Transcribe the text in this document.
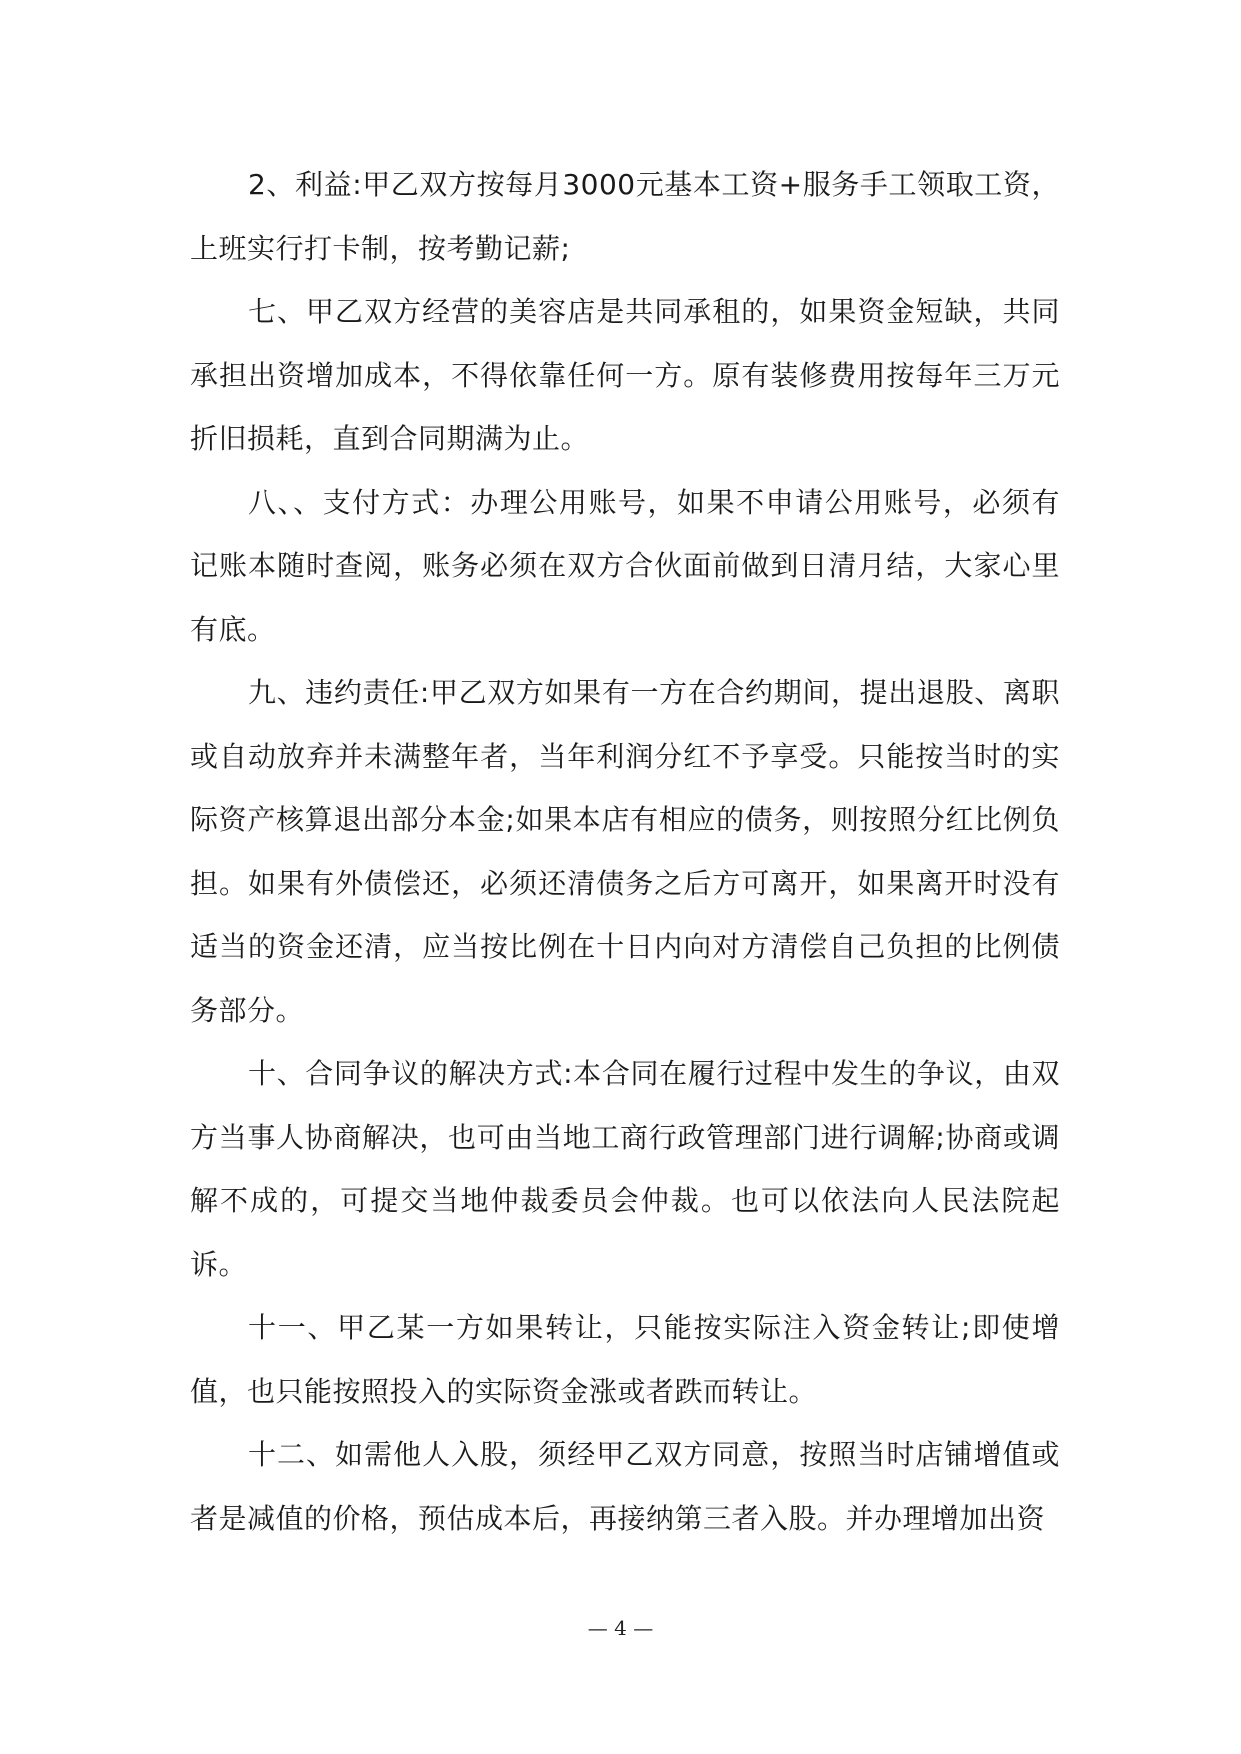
2、利益:甲乙双方按每月3000元基本工资+服务手工领取工资，上班实行打卡制，按考勤记薪;

七、甲乙双方经营的美容店是共同承租的，如果资金短缺，共同承担出资增加成本，不得依靠任何一方。原有装修费用按每年三万元折旧损耗，直到合同期满为止。

八、、支付方式：办理公用账号，如果不申请公用账号，必须有记账本随时查阅，账务必须在双方合伙面前做到日清月结，大家心里有底。

九、违约责任:甲乙双方如果有一方在合约期间，提出退股、离职或自动放弃并未满整年者，当年利润分红不予享受。只能按当时的实际资产核算退出部分本金;如果本店有相应的债务，则按照分红比例负担。如果有外债偿还，必须还清债务之后方可离开，如果离开时没有适当的资金还清，应当按比例在十日内向对方清偿自己负担的比例债务部分。

十、合同争议的解决方式:本合同在履行过程中发生的争议，由双方当事人协商解决，也可由当地工商行政管理部门进行调解;协商或调解不成的，可提交当地仲裁委员会仲裁。也可以依法向人民法院起诉。

十一、甲乙某一方如果转让，只能按实际注入资金转让;即使增值，也只能按照投入的实际资金涨或者跌而转让。

十二、如需他人入股，须经甲乙双方同意，按照当时店铺增值或者是减值的价格，预估成本后，再接纳第三者入股。并办理增加出资

— 4 —
